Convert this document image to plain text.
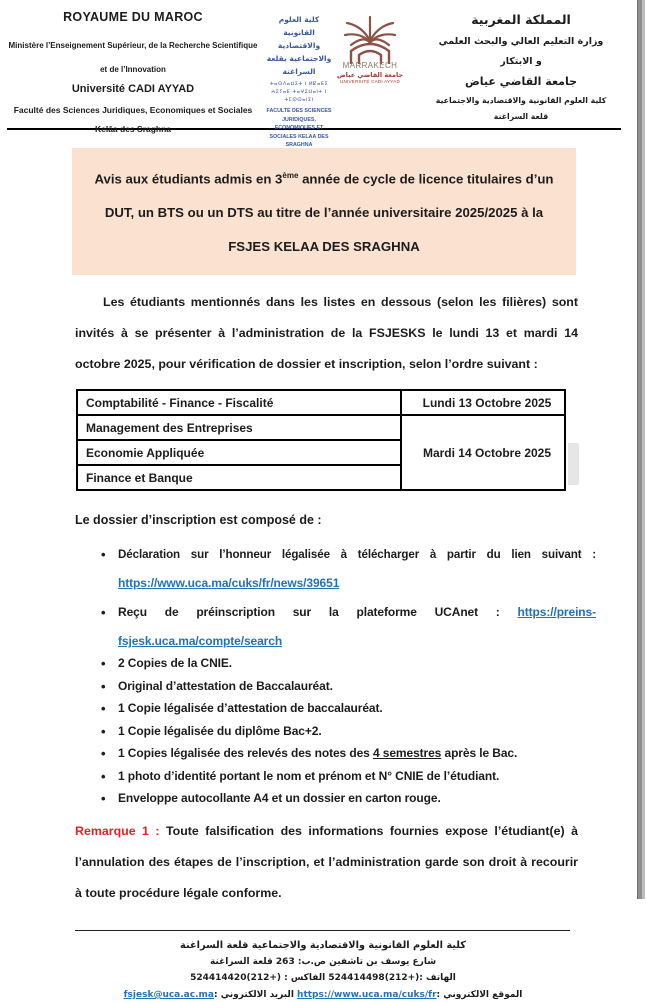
ROYAUME DU MAROC
Ministère l’Enseignement Supérieur, de la Recherche Scientifique et de l’Innovation
Université CADI AYYAD
Faculté des Sciences Juridiques, Economiques et Sociales
Kelâa des Sraghna
كلية العلوم القانونية والاقتصادية والاجتماعية بقلعة السراغنة
ⵜⴰⵙⴷⴰⵡⵉⵜ ⵏ ⵍⵇⴰⴹⵉ ⵄⵉⵢⴰⴹ ⵜⴰⵖⵉⵡⴰⵏⵜ ⵏ ⵜⵎⵙⵙⴰⵏⵉⵏ
FACULTE DES SCIENCES JURIDIQUES, ECONOMIQUES ET SOCIALES KELAA DES SRAGHNA
MARRAKECH
جامعة القاضي عياض
UNIVERSITÉ CADI AYYAD
المملكة المغربية
وزارة التعليم العالي والبحث العلمي
و الابتكار
جامعة القاضي عياض
كلية العلوم القانونية والاقتصادية والاجتماعية
قلعة السراغنة
Avis aux étudiants admis en 3ème année de cycle de licence titulaires d’un DUT, un BTS ou un DTS au titre de l’année universitaire 2025/2025 à la FSJES KELAA DES SRAGHNA
Les étudiants mentionnés dans les listes en dessous (selon les filières) sont invités à se présenter à l’administration de la FSJESKS le lundi 13 et mardi 14 octobre 2025, pour vérification de dossier et inscription, selon l’ordre suivant :
Comptabilité - Finance - Fiscalité	Lundi 13 Octobre 2025
Management des Entreprises	Mardi 14 Octobre 2025
Economie Appliquée	
Finance et Banque	
Le dossier d’inscription est composé de :
• Déclaration sur l’honneur légalisée à télécharger à partir du lien suivant :
https://www.uca.ma/cuks/fr/news/39651
• Reçu de préinscription sur la plateforme UCAnet : https://preins-fsjesk.uca.ma/compte/search
• 2 Copies de la CNIE.
• Original d’attestation de Baccalauréat.
• 1 Copie légalisée d’attestation de baccalauréat.
• 1 Copie légalisée du diplôme Bac+2.
• 1 Copies légalisée des relevés des notes des 4 semestres après le Bac.
• 1 photo d’identité portant le nom et prénom et N° CNIE de l’étudiant.
• Enveloppe autocollante A4 et un dossier en carton rouge.
Remarque 1 : Toute falsification des informations fournies expose l’étudiant(e) à l’annulation des étapes de l’inscription, et l’administration garde son droit à recourir à toute procédure légale conforme.
كلية العلوم القانونية والاقتصادية والاجتماعية قلعة السراغنة
شارع يوسف بن تاشفين ص.ب: 263 قلعة السراغنة
الهاتف :(+212)524414498 الفاكس : (+212)524414420
الموقع الالكتروني :https://www.uca.ma/cuks/fr البريد الالكتروني :fsjesk@uca.ac.ma
